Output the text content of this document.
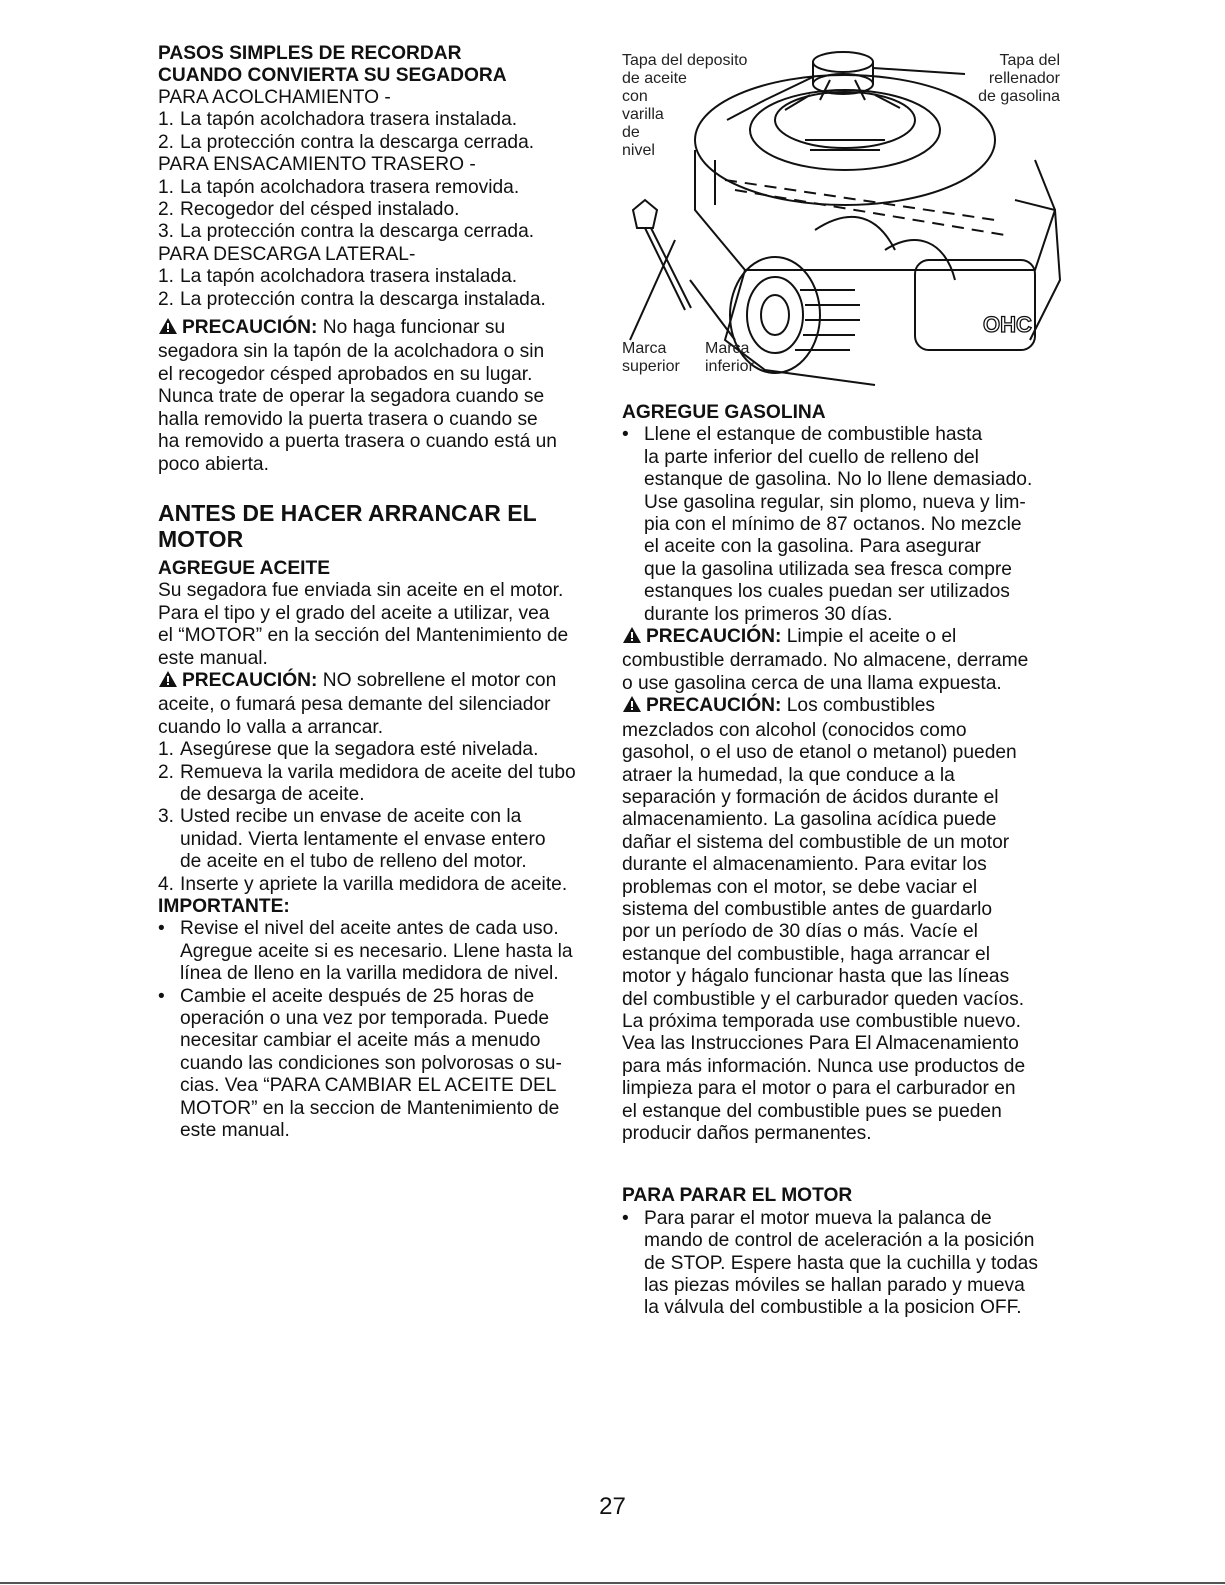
PASOS SIMPLES DE RECORDAR
CUANDO CONVIERTA SU SEGADORA
PARA ACOLCHAMIENTO -
1. La tapón acolchadora trasera instalada.
2. La protección contra la descarga cerrada.
PARA ENSACAMIENTO TRASERO -
1. La tapón acolchadora trasera removida.
2. Recogedor del césped instalado.
3. La protección contra la descarga cerrada.
PARA DESCARGA LATERAL-
1. La tapón acolchadora trasera instalada.
2. La protección contra la descarga instalada.
PRECAUCIÓN: No haga funcionar su
segadora sin la tapón de la acolchadora o sin
el recogedor césped aprobados en su lugar.
Nunca trate de operar la segadora cuando se
halla removido la puerta trasera o cuando se
ha removido a puerta trasera o cuando está un
poco abierta.
ANTES DE HACER ARRANCAR EL
MOTOR
AGREGUE ACEITE
Su segadora fue enviada sin aceite en el motor.
Para el tipo y el grado del aceite a utilizar, vea
el “MOTOR” en la sección del Mantenimiento de
este manual.
PRECAUCIÓN: NO sobrellene el motor con
aceite, o fumará pesa demante del silenciador
cuando lo valla a arrancar.
1. Asegúrese que la segadora esté nivelada.
2. Remueva la varila medidora de aceite del tubo
de desarga de aceite.
3. Usted recibe un envase de aceite con la
unidad. Vierta lentamente el envase entero
de aceite en el tubo de relleno del motor.
4. Inserte y apriete la varilla medidora de aceite.
IMPORTANTE:
• Revise el nivel del aceite antes de cada uso.
Agregue aceite si es necesario. Llene hasta la
línea de lleno en la varilla medidora de nivel.
• Cambie el aceite después de 25 horas de
operación o una vez por temporada. Puede
necesitar cambiar el aceite más a menudo
cuando las condiciones son polvorosas o su-
cias. Vea “PARA CAMBIAR EL ACEITE DEL
MOTOR” en la seccion de Mantenimiento de
este manual.
OHC
Tapa del deposito
de aceite
con
varilla
de
nivel
Tapa del
rellenador
de gasolina
Marca
superior
Marca
inferior
AGREGUE GASOLINA
• Llene el estanque de combustible hasta
la parte inferior del cuello de relleno del
estanque de gasolina. No lo llene demasiado.
Use gasolina regular, sin plomo, nueva y lim-
pia con el mínimo de 87 octanos. No mezcle
el aceite con la gasolina. Para asegurar
que la gasolina utilizada sea fresca compre
estanques los cuales puedan ser utilizados
durante los primeros 30 días.
PRECAUCIÓN: Limpie el aceite o el
combustible derramado. No almacene, derrame
o use gasolina cerca de una llama expuesta.
PRECAUCIÓN: Los combustibles
mezclados con alcohol (conocidos como
gasohol, o el uso de etanol o metanol) pueden
atraer la humedad, la que conduce a la
separación y formación de ácidos durante el
almacenamiento. La gasolina acídica puede
dañar el sistema del combustible de un motor
durante el almacenamiento. Para evitar los
problemas con el motor, se debe vaciar el
sistema del combustible antes de guardarlo
por un período de 30 días o más. Vacíe el
estanque del combustible, haga arrancar el
motor y hágalo funcionar hasta que las líneas
del combustible y el carburador queden vacíos.
La próxima temporada use combustible nuevo.
Vea las Instrucciones Para El Almacenamiento
para más información. Nunca use productos de
limpieza para el motor o para el carburador en
el estanque del combustible pues se pueden
producir daños permanentes.
PARA PARAR EL MOTOR
• Para parar el motor mueva la palanca de
mando de control de aceleración a la posición
de STOP. Espere hasta que la cuchilla y todas
las piezas móviles se hallan parado y mueva
la válvula del combustible a la posicion OFF.
27
